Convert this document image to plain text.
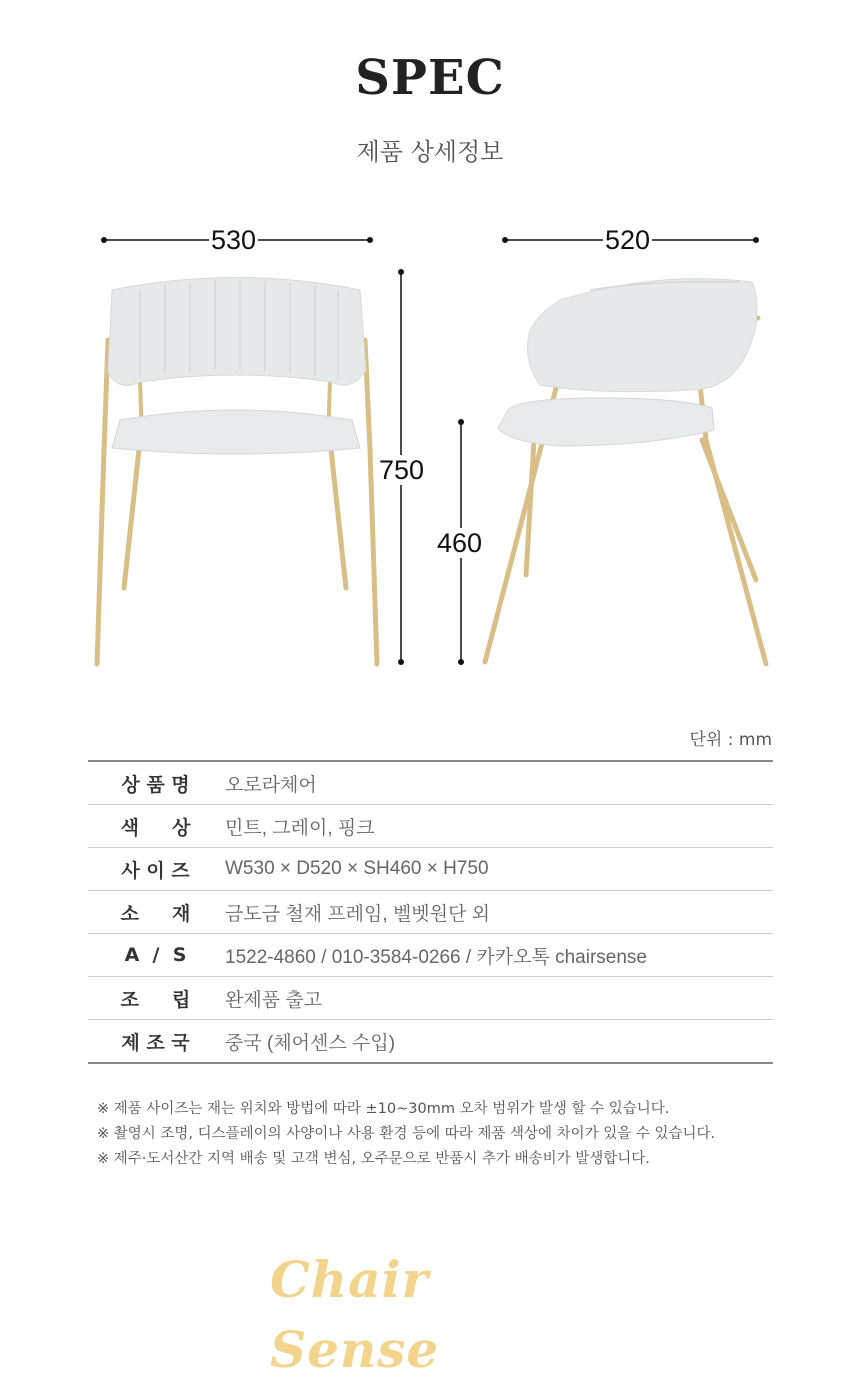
SPEC
제품 상세정보
530	520
750
460
단위 : mm
상 품 명	오로라체어
색     상	민트, 그레이, 핑크
사 이 즈	W530 × D520 × SH460 × H750
소     재	금도금 철재 프레임, 벨벳원단 외
A  /  S	1522-4860 / 010-3584-0266 / 카카오톡 chairsense
조     립	완제품 출고
제 조 국	중국 (체어센스 수입)
※ 제품 사이즈는 재는 위치와 방법에 따라 ±10~30mm 오차 범위가 발생 할 수 있습니다.
※ 촬영시 조명, 디스플레이의 사양이나 사용 환경 등에 따라 제품 색상에 차이가 있을 수 있습니다.
※ 제주·도서산간 지역 배송 및 고객 변심, 오주문으로 반품시 추가 배송비가 발생합니다.
Chair Sense
